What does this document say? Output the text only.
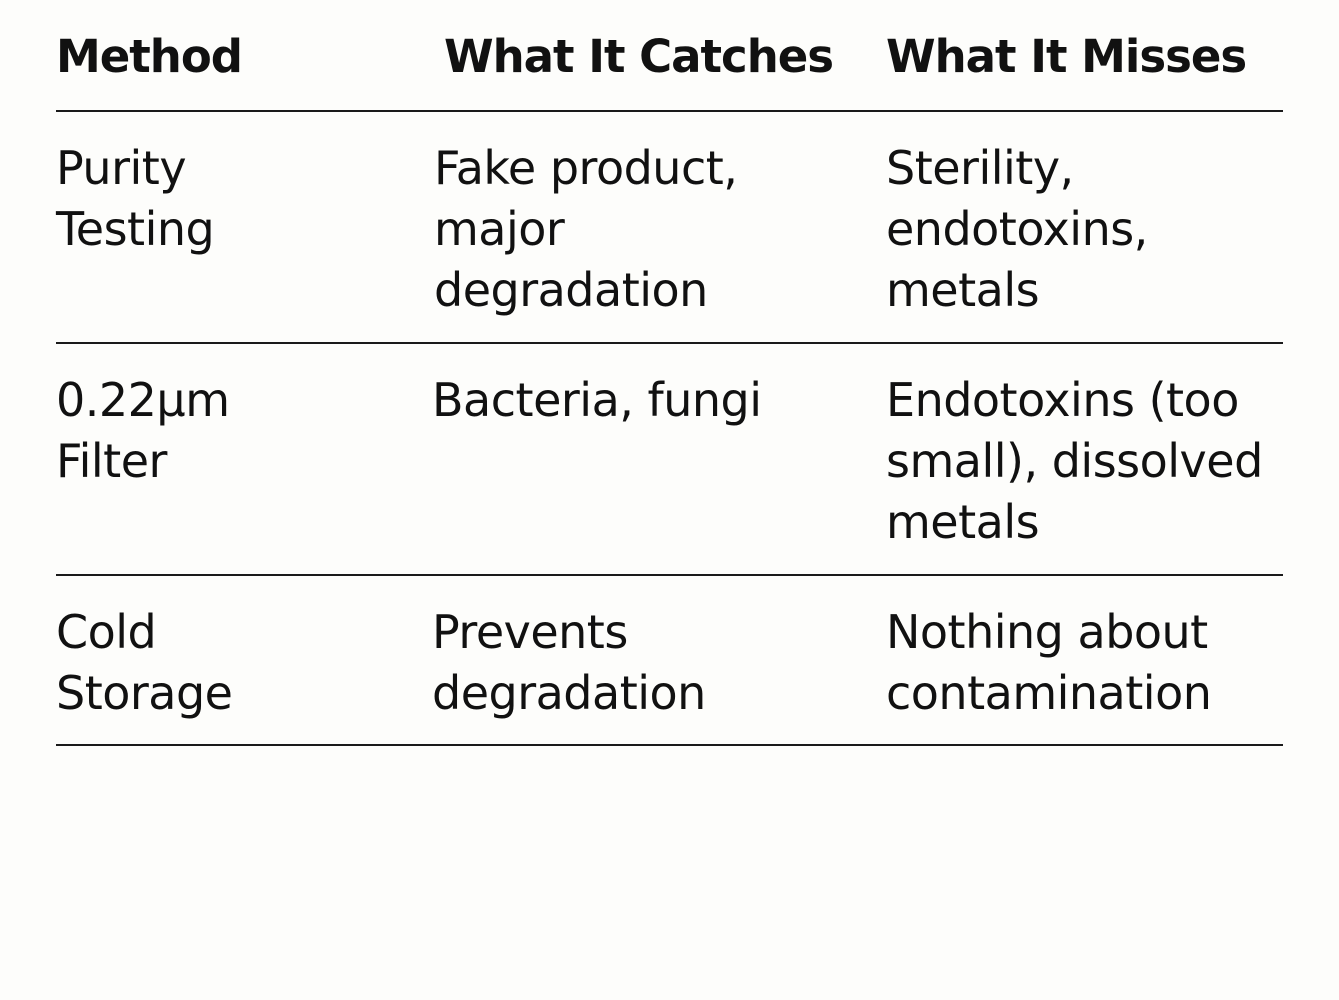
Method	What It Catches What It Misses
Purity
Testing
Fake product,
major
degradation
Sterility,
endotoxins,
metals
0.22μm
Filter
Bacteria, fungi	Endotoxins (too
small), dissolved
metals
Cold
Storage
Prevents
degradation
Nothing about
contamination
